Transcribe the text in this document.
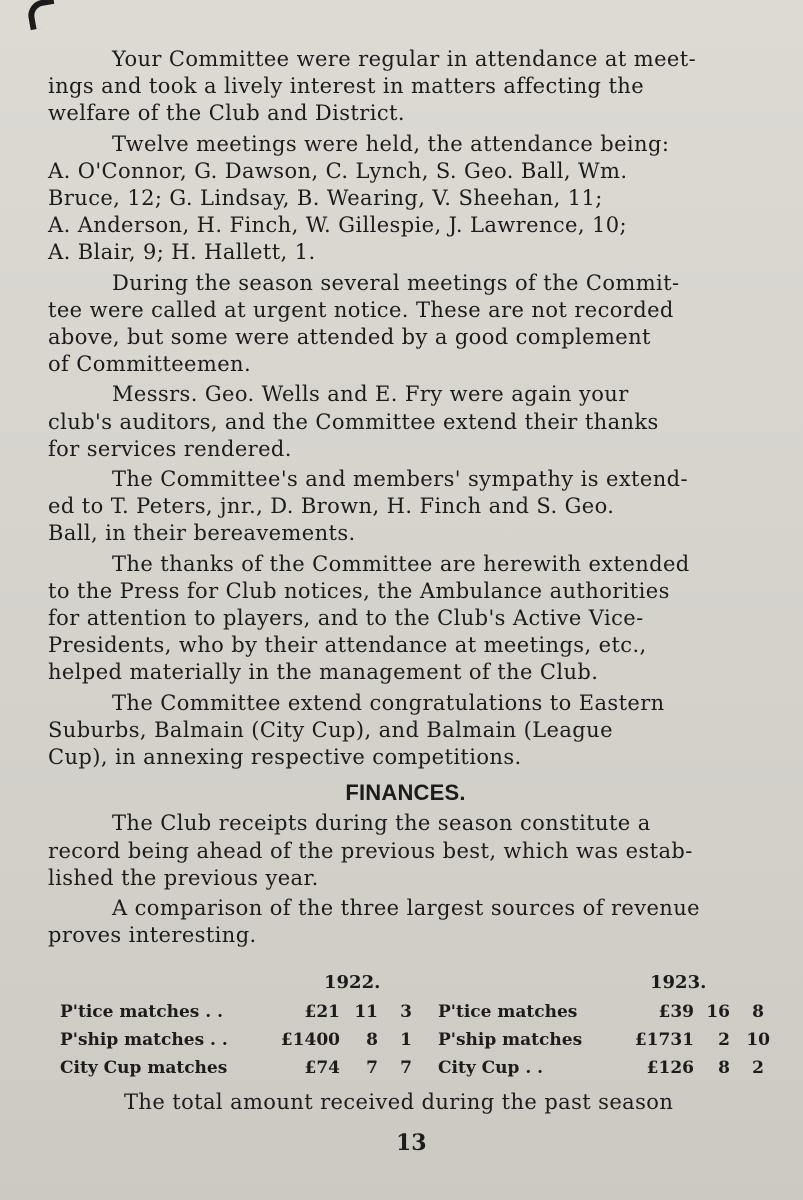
Your Committee were regular in attendance at meet-
ings and took a lively interest in matters affecting the
welfare of the Club and District.
Twelve meetings were held, the attendance being:
A. O'Connor, G. Dawson, C. Lynch, S. Geo. Ball, Wm.
Bruce, 12; G. Lindsay, B. Wearing, V. Sheehan, 11;
A. Anderson, H. Finch, W. Gillespie, J. Lawrence, 10;
A. Blair, 9; H. Hallett, 1.
During the season several meetings of the Commit-
tee were called at urgent notice. These are not recorded
above, but some were attended by a good complement
of Committeemen.
Messrs. Geo. Wells and E. Fry were again your
club's auditors, and the Committee extend their thanks
for services rendered.
The Committee's and members' sympathy is extend-
ed to T. Peters, jnr., D. Brown, H. Finch and S. Geo.
Ball, in their bereavements.
The thanks of the Committee are herewith extended
to the Press for Club notices, the Ambulance authorities
for attention to players, and to the Club's Active Vice-
Presidents, who by their attendance at meetings, etc.,
helped materially in the management of the Club.
The Committee extend congratulations to Eastern
Suburbs, Balmain (City Cup), and Balmain (League
Cup), in annexing respective competitions.
FINANCES.
The Club receipts during the season constitute a
record being ahead of the previous best, which was estab-
lished the previous year.
A comparison of the three largest sources of revenue
proves interesting.
1922.	1923.
P'tice matches . .	£21 11 3 P'tice matches	£39 16 8
P'ship matches . .	£1400 8 1 P'ship matches	£1731 2 10
City Cup matches	£74 7 7 City Cup . .	£126 8 2
The total amount received during the past season
13
